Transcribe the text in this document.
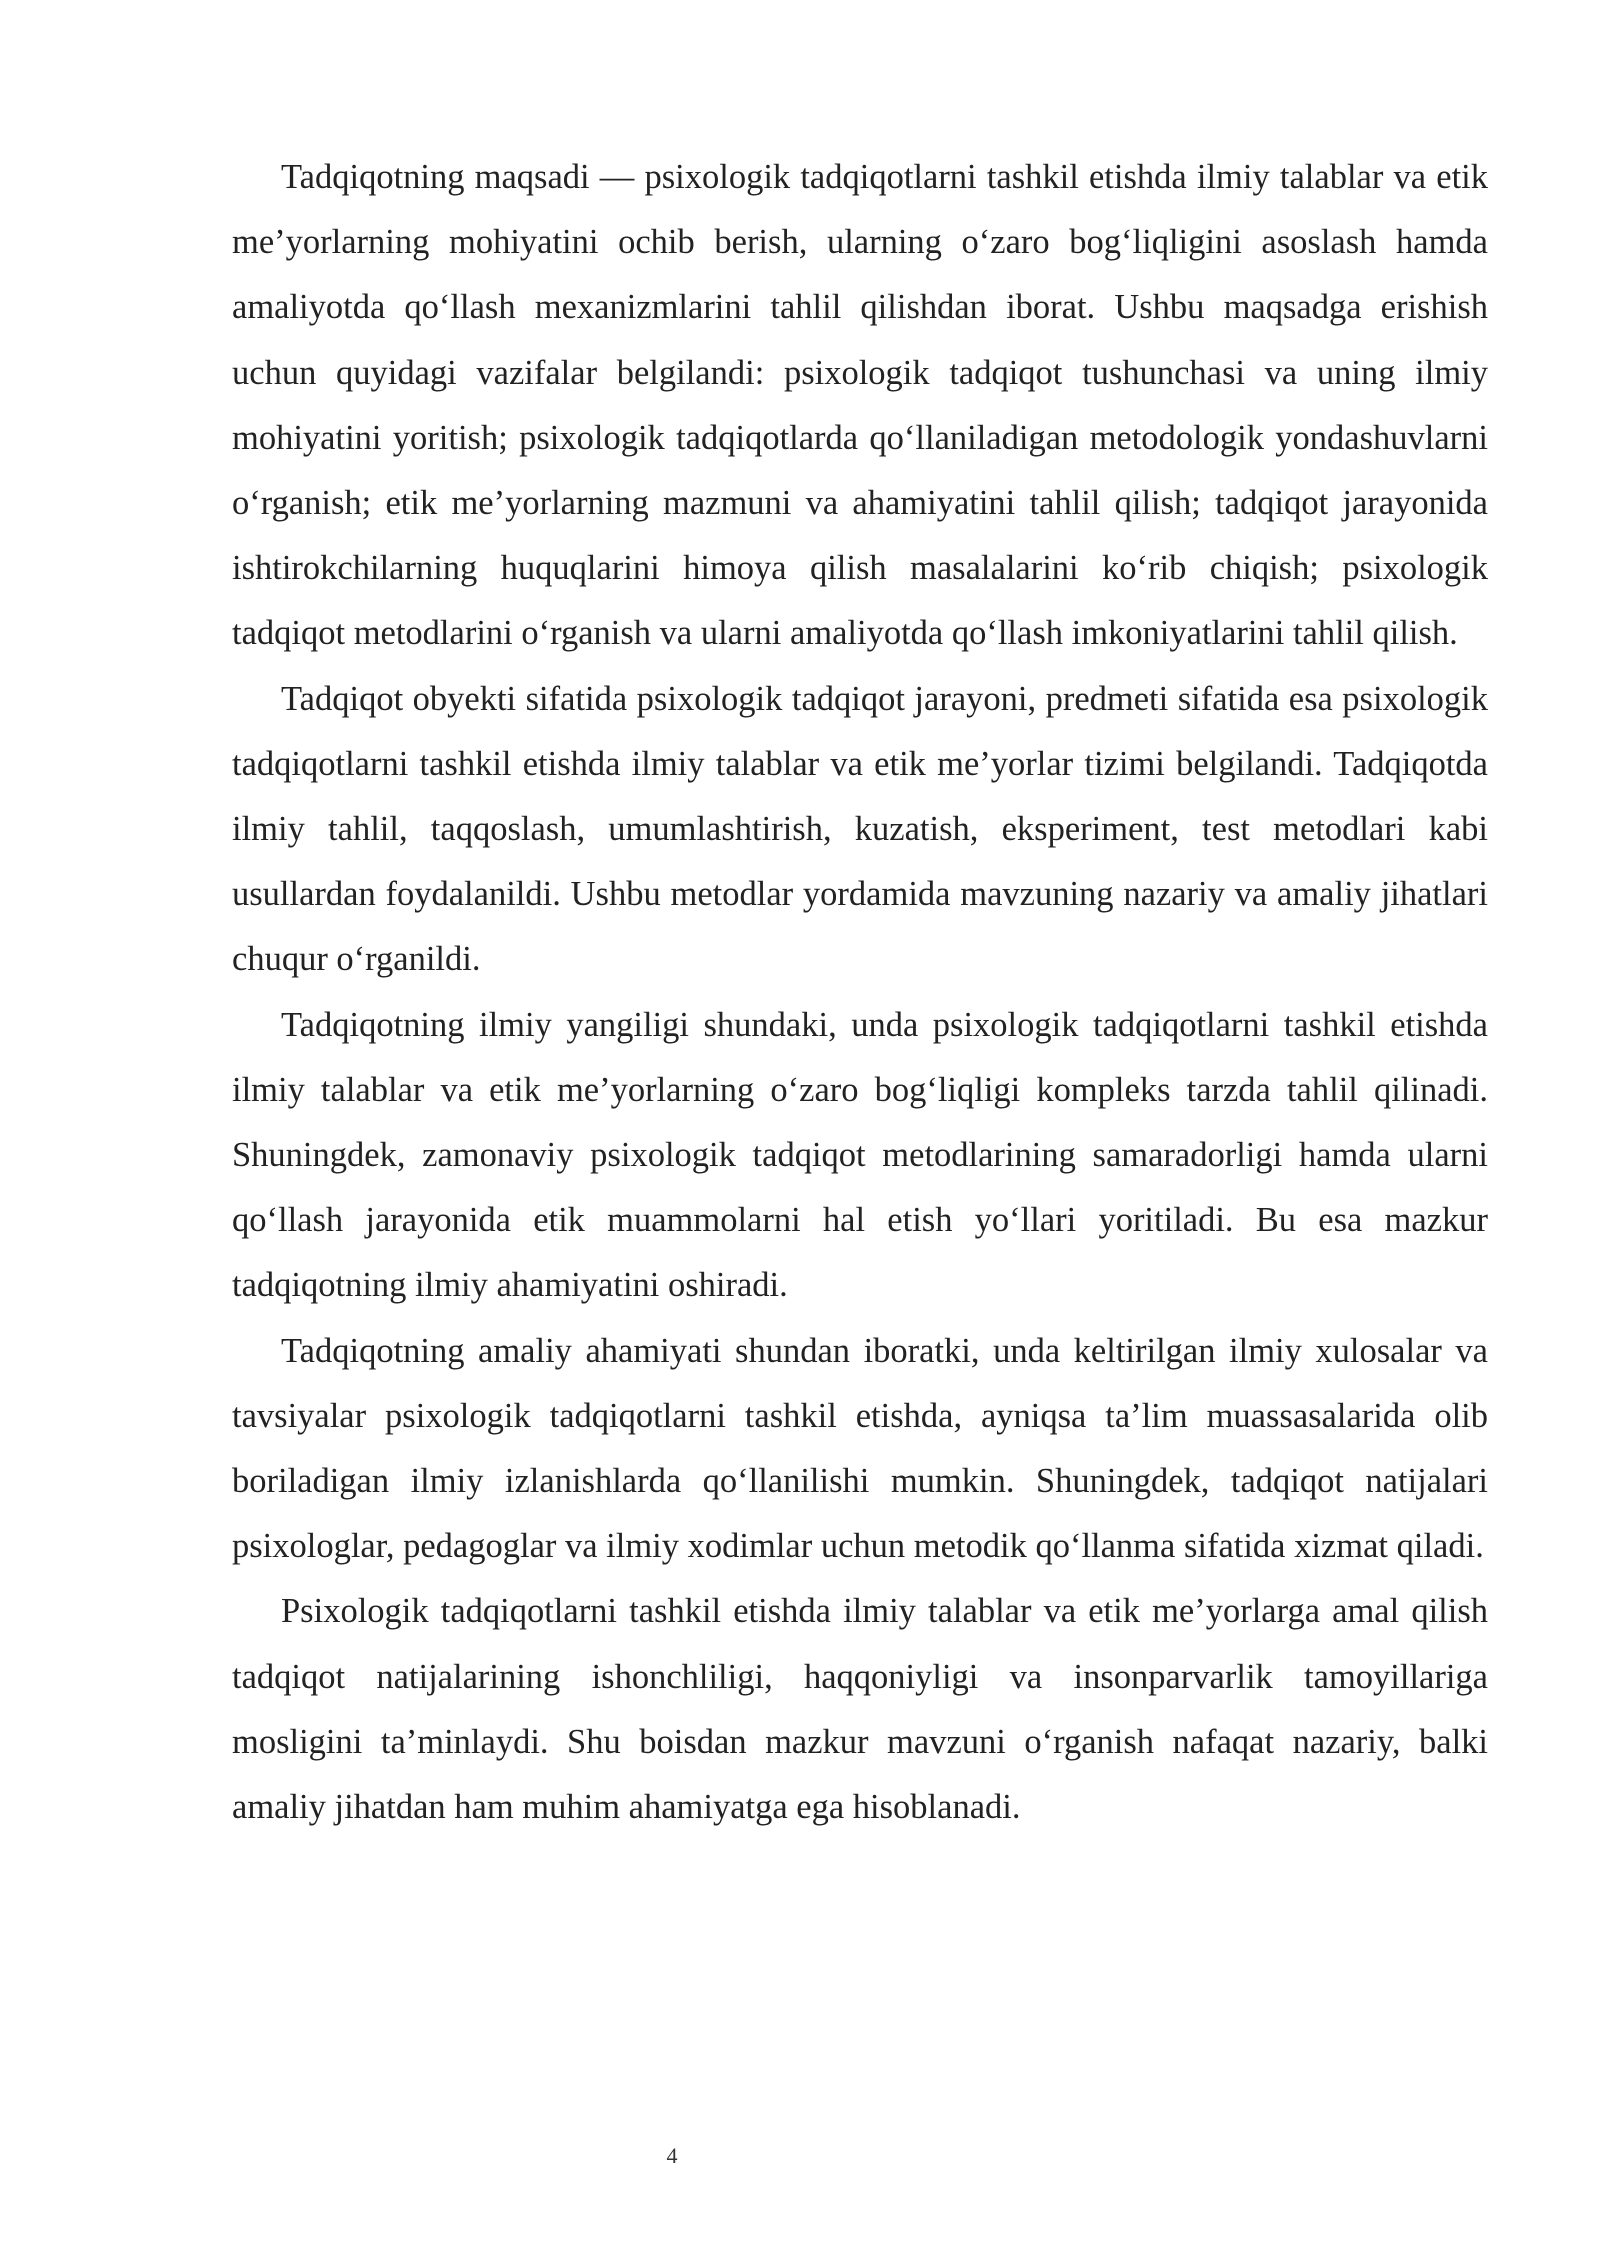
Tadqiqotning maqsadi — psixologik tadqiqotlarni tashkil etishda ilmiy talablar va etik me’yorlarning mohiyatini ochib berish, ularning o‘zaro bog‘liqligini asoslash hamda amaliyotda qo‘llash mexanizmlarini tahlil qilishdan iborat. Ushbu maqsadga erishish uchun quyidagi vazifalar belgilandi: psixologik tadqiqot tushunchasi va uning ilmiy mohiyatini yoritish; psixologik tadqiqotlarda qo‘llaniladigan metodologik yondashuvlarni o‘rganish; etik me’yorlarning mazmuni va ahamiyatini tahlil qilish; tadqiqot jarayonida ishtirokchilarning huquqlarini himoya qilish masalalarini ko‘rib chiqish; psixologik tadqiqot metodlarini o‘rganish va ularni amaliyotda qo‘llash imkoniyatlarini tahlil qilish.

Tadqiqot obyekti sifatida psixologik tadqiqot jarayoni, predmeti sifatida esa psixologik tadqiqotlarni tashkil etishda ilmiy talablar va etik me’yorlar tizimi belgilandi. Tadqiqotda ilmiy tahlil, taqqoslash, umumlashtirish, kuzatish, eksperiment, test metodlari kabi usullardan foydalanildi. Ushbu metodlar yordamida mavzuning nazariy va amaliy jihatlari chuqur o‘rganildi.

Tadqiqotning ilmiy yangiligi shundaki, unda psixologik tadqiqotlarni tashkil etishda ilmiy talablar va etik me’yorlarning o‘zaro bog‘liqligi kompleks tarzda tahlil qilinadi. Shuningdek, zamonaviy psixologik tadqiqot metodlarining samaradorligi hamda ularni qo‘llash jarayonida etik muammolarni hal etish yo‘llari yoritiladi. Bu esa mazkur tadqiqotning ilmiy ahamiyatini oshiradi.

Tadqiqotning amaliy ahamiyati shundan iboratki, unda keltirilgan ilmiy xulosalar va tavsiyalar psixologik tadqiqotlarni tashkil etishda, ayniqsa ta’lim muassasalarida olib boriladigan ilmiy izlanishlarda qo‘llanilishi mumkin. Shuningdek, tadqiqot natijalari psixologlar, pedagoglar va ilmiy xodimlar uchun metodik qo‘llanma sifatida xizmat qiladi.

Psixologik tadqiqotlarni tashkil etishda ilmiy talablar va etik me’yorlarga amal qilish tadqiqot natijalarining ishonchliligi, haqqoniyligi va insonparvarlik tamoyillariga mosligini ta’minlaydi. Shu boisdan mazkur mavzuni o‘rganish nafaqat nazariy, balki amaliy jihatdan ham muhim ahamiyatga ega hisoblanadi.

4
